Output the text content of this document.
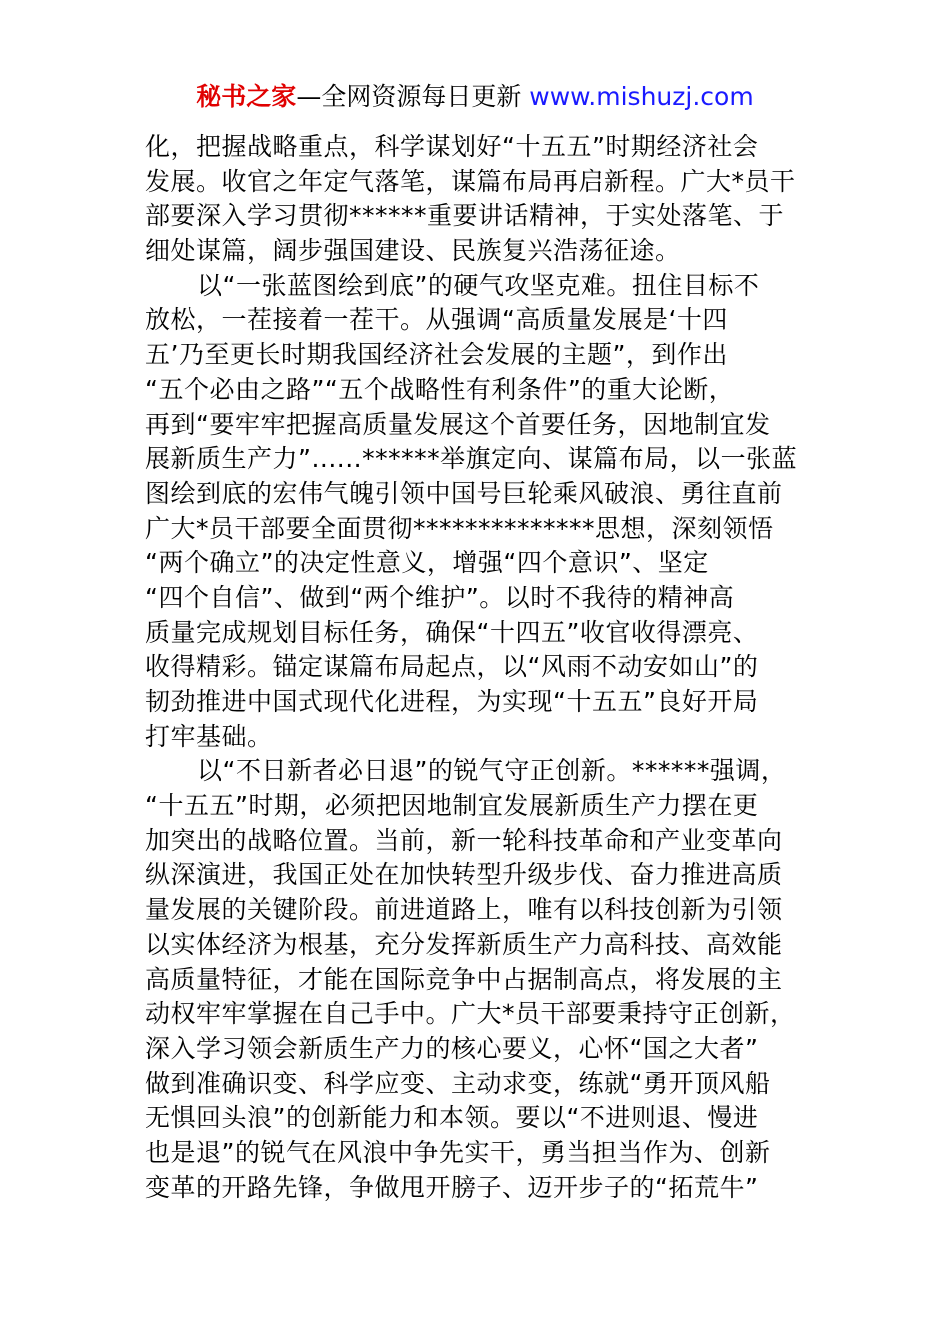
秘书之家—全网资源每日更新 www.mishuzj.com
化，把握战略重点，科学谋划好“十五五”时期经济社会
发展。收官之年定气落笔，谋篇布局再启新程。广大*员干
部要深入学习贯彻******重要讲话精神，于实处落笔、于
细处谋篇，阔步强国建设、民族复兴浩荡征途。
以“一张蓝图绘到底”的硬气攻坚克难。扭住目标不
放松，一茬接着一茬干。从强调“高质量发展是‘十四
五’乃至更长时期我国经济社会发展的主题”，到作出
“五个必由之路”“五个战略性有利条件”的重大论断，
再到“要牢牢把握高质量发展这个首要任务，因地制宜发
展新质生产力”......******举旗定向、谋篇布局，以一张蓝
图绘到底的宏伟气魄引领中国号巨轮乘风破浪、勇往直前
广大*员干部要全面贯彻**************思想，深刻领悟
“两个确立”的决定性意义，增强“四个意识”、坚定
“四个自信”、做到“两个维护”。以时不我待的精神高
质量完成规划目标任务，确保“十四五”收官收得漂亮、
收得精彩。锚定谋篇布局起点，以“风雨不动安如山”的
韧劲推进中国式现代化进程，为实现“十五五”良好开局
打牢基础。
以“不日新者必日退”的锐气守正创新。******强调，
“十五五”时期，必须把因地制宜发展新质生产力摆在更
加突出的战略位置。当前，新一轮科技革命和产业变革向
纵深演进，我国正处在加快转型升级步伐、奋力推进高质
量发展的关键阶段。前进道路上，唯有以科技创新为引领
以实体经济为根基，充分发挥新质生产力高科技、高效能
高质量特征，才能在国际竞争中占据制高点，将发展的主
动权牢牢掌握在自己手中。广大*员干部要秉持守正创新，
深入学习领会新质生产力的核心要义，心怀“国之大者”
做到准确识变、科学应变、主动求变，练就“勇开顶风船
无惧回头浪”的创新能力和本领。要以“不进则退、慢进
也是退”的锐气在风浪中争先实干，勇当担当作为、创新
变革的开路先锋，争做甩开膀子、迈开步子的“拓荒牛”
